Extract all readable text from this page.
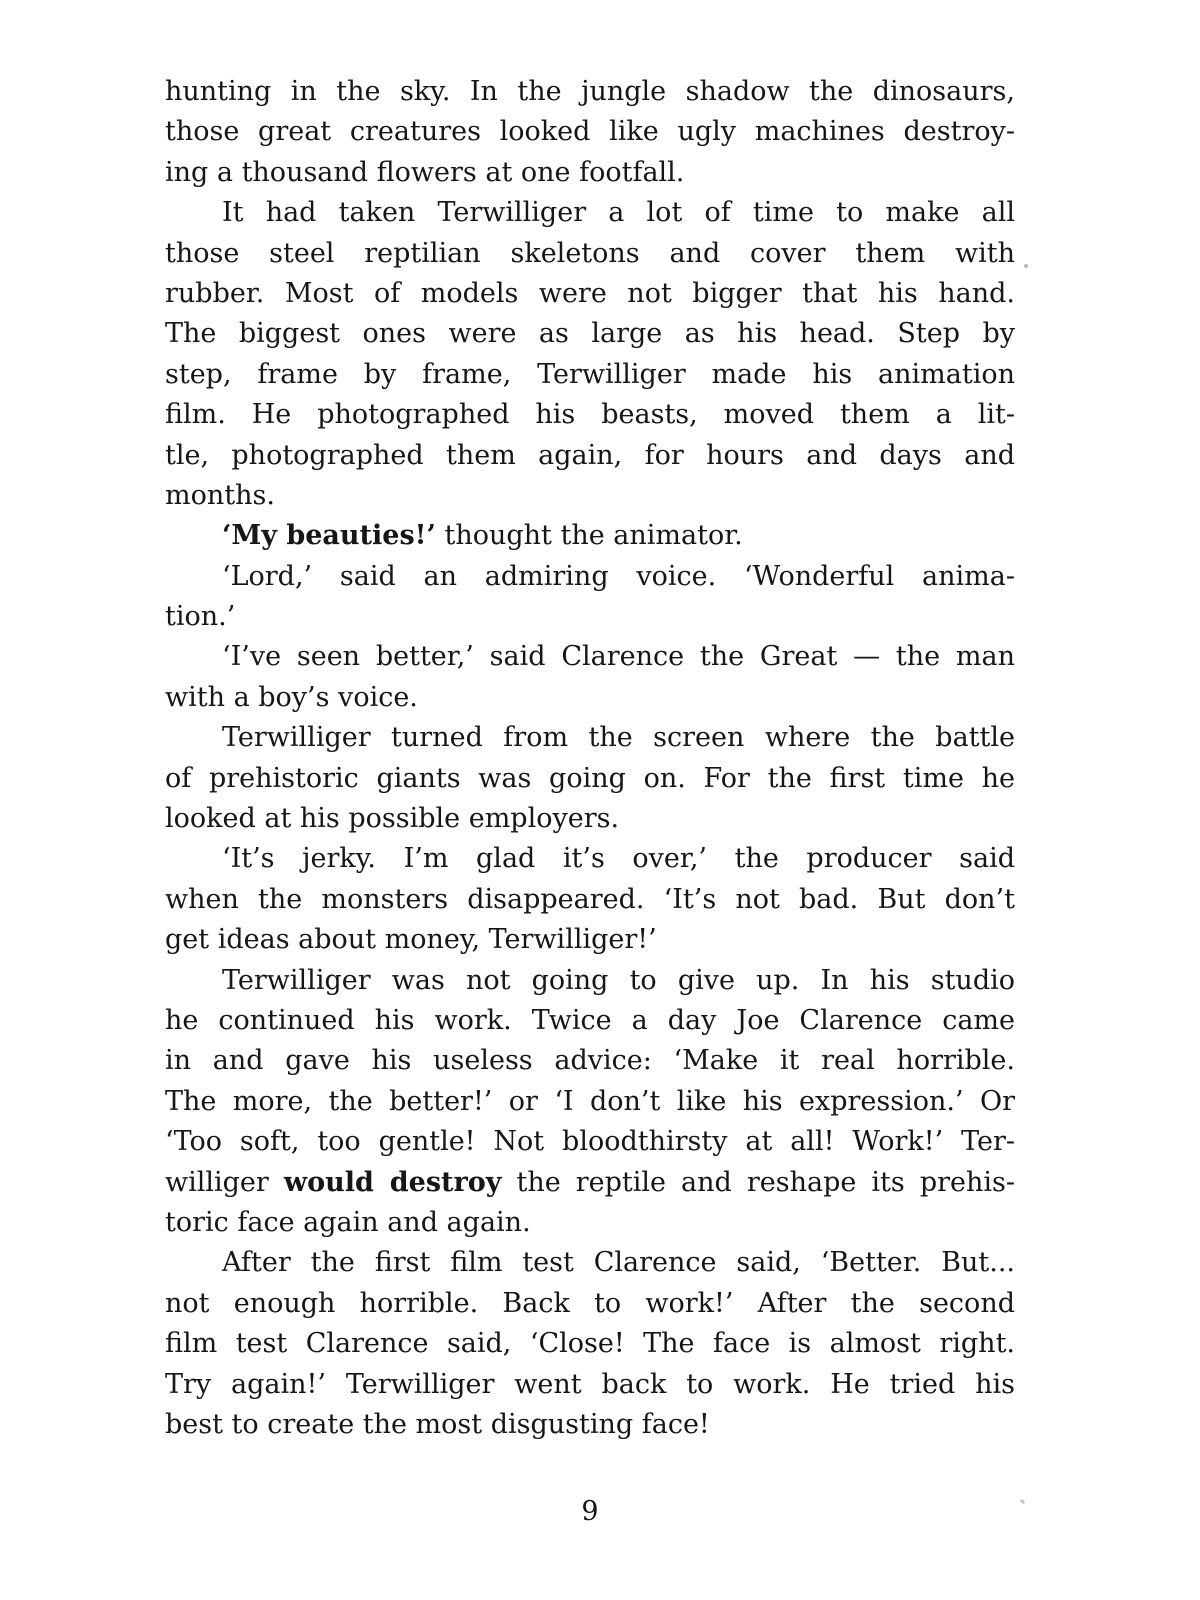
hunting in the sky. In the jungle shadow the dinosaurs,
those great creatures looked like ugly machines destroy-
ing a thousand flowers at one footfall.
It had taken Terwilliger a lot of time to make all
those steel reptilian skeletons and cover them with
rubber. Most of models were not bigger that his hand.
The biggest ones were as large as his head. Step by
step, frame by frame, Terwilliger made his animation
film. He photographed his beasts, moved them a lit-
tle, photographed them again, for hours and days and
months.
‘My beauties!’ thought the animator.
‘Lord,’ said an admiring voice. ‘Wonderful anima-
tion.’
‘I’ve seen better,’ said Clarence the Great — the man
with a boy’s voice.
Terwilliger turned from the screen where the battle
of prehistoric giants was going on. For the first time he
looked at his possible employers.
‘It’s jerky. I’m glad it’s over,’ the producer said
when the monsters disappeared. ‘It’s not bad. But don’t
get ideas about money, Terwilliger!’
Terwilliger was not going to give up. In his studio
he continued his work. Twice a day Joe Clarence came
in and gave his useless advice: ‘Make it real horrible.
The more, the better!’ or ‘I don’t like his expression.’ Or
‘Too soft, too gentle! Not bloodthirsty at all! Work!’ Ter-
williger would destroy the reptile and reshape its prehis-
toric face again and again.
After the first film test Clarence said, ‘Better. But...
not enough horrible. Back to work!’ After the second
film test Clarence said, ‘Close! The face is almost right.
Try again!’ Terwilliger went back to work. He tried his
best to create the most disgusting face!
9
